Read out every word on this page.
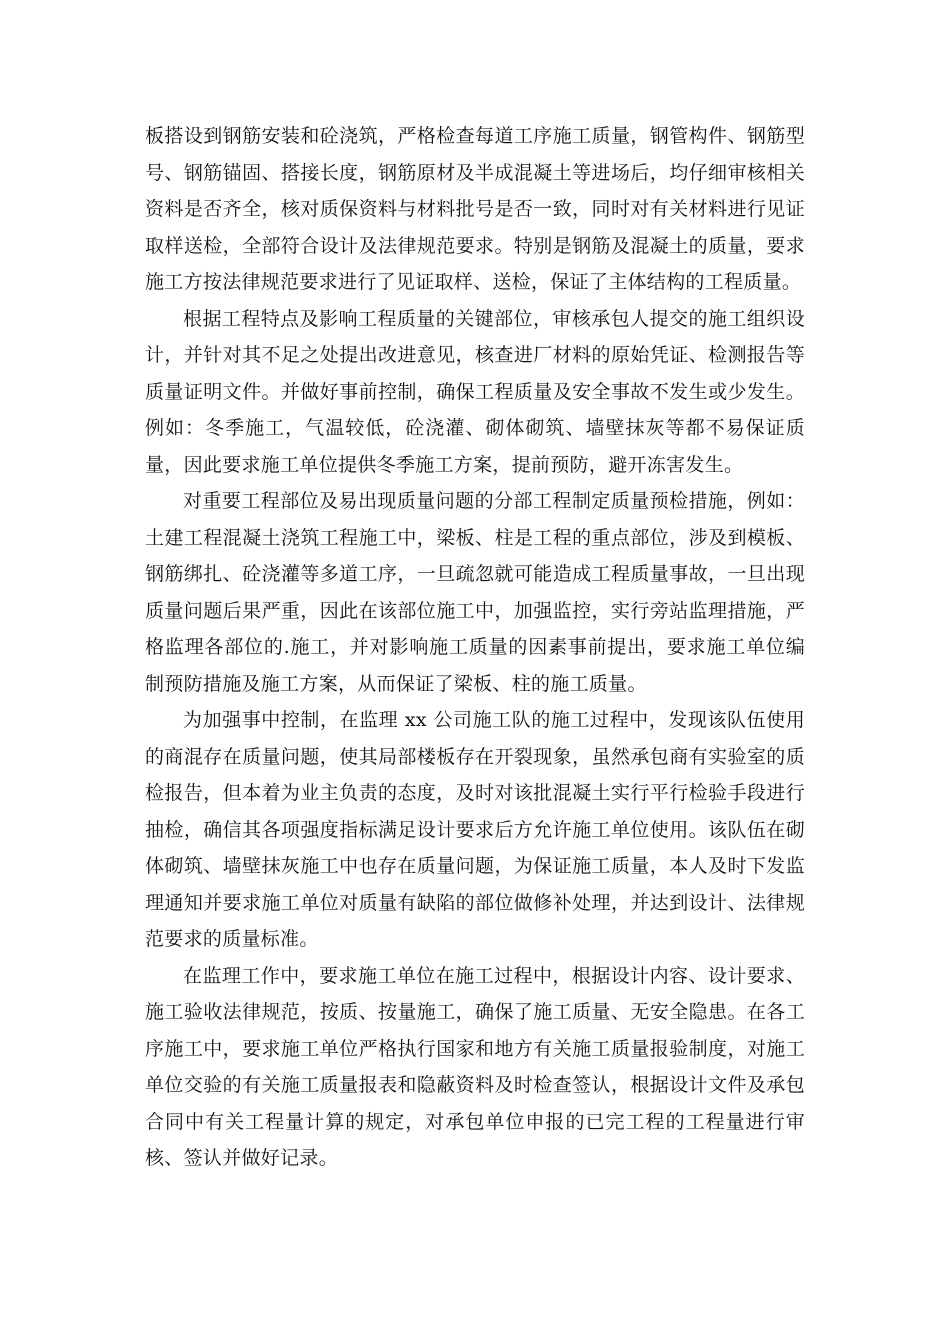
板搭设到钢筋安装和砼浇筑，严格检查每道工序施工质量，钢管构件、钢筋型号、钢筋锚固、搭接长度，钢筋原材及半成混凝土等进场后，均仔细审核相关资料是否齐全，核对质保资料与材料批号是否一致，同时对有关材料进行见证取样送检，全部符合设计及法律规范要求。特别是钢筋及混凝土的质量，要求施工方按法律规范要求进行了见证取样、送检，保证了主体结构的工程质量。

根据工程特点及影响工程质量的关键部位，审核承包人提交的施工组织设计，并针对其不足之处提出改进意见，核查进厂材料的原始凭证、检测报告等质量证明文件。并做好事前控制，确保工程质量及安全事故不发生或少发生。例如：冬季施工，气温较低，砼浇灌、砌体砌筑、墙壁抹灰等都不易保证质量，因此要求施工单位提供冬季施工方案，提前预防，避开冻害发生。

对重要工程部位及易出现质量问题的分部工程制定质量预检措施，例如：土建工程混凝土浇筑工程施工中，梁板、柱是工程的重点部位，涉及到模板、钢筋绑扎、砼浇灌等多道工序，一旦疏忽就可能造成工程质量事故，一旦出现质量问题后果严重，因此在该部位施工中，加强监控，实行旁站监理措施，严格监理各部位的.施工，并对影响施工质量的因素事前提出，要求施工单位编制预防措施及施工方案，从而保证了梁板、柱的施工质量。

为加强事中控制，在监理 xx 公司施工队的施工过程中，发现该队伍使用的商混存在质量问题，使其局部楼板存在开裂现象，虽然承包商有实验室的质检报告，但本着为业主负责的态度，及时对该批混凝土实行平行检验手段进行抽检，确信其各项强度指标满足设计要求后方允许施工单位使用。该队伍在砌体砌筑、墙壁抹灰施工中也存在质量问题，为保证施工质量，本人及时下发监理通知并要求施工单位对质量有缺陷的部位做修补处理，并达到设计、法律规范要求的质量标准。

在监理工作中，要求施工单位在施工过程中，根据设计内容、设计要求、施工验收法律规范，按质、按量施工，确保了施工质量、无安全隐患。在各工序施工中，要求施工单位严格执行国家和地方有关施工质量报验制度，对施工单位交验的有关施工质量报表和隐蔽资料及时检查签认，根据设计文件及承包合同中有关工程量计算的规定，对承包单位申报的已完工程的工程量进行审核、签认并做好记录。
